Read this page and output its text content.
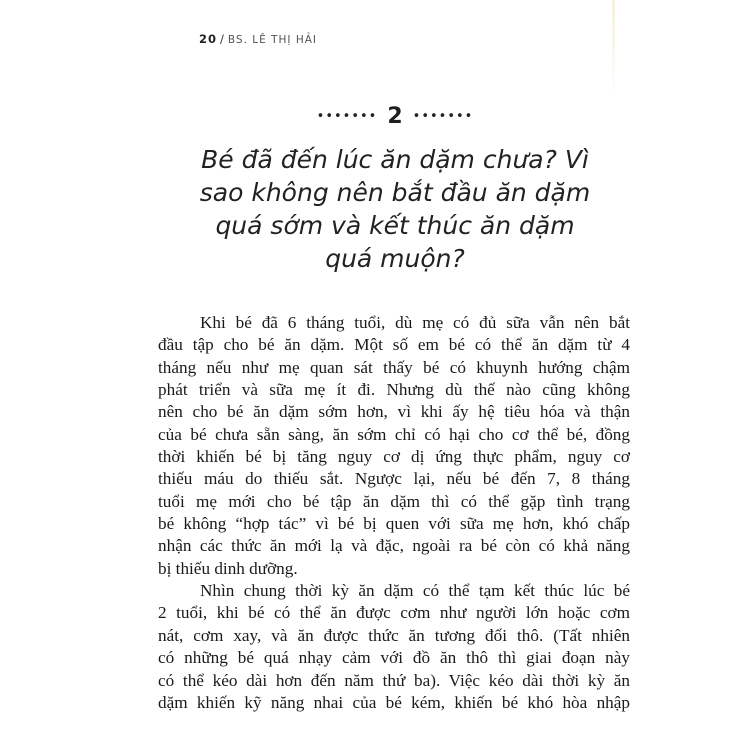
20 / BS. LÊ THỊ HẢI
••••••• 2 •••••••
Bé đã đến lúc ăn dặm chưa? Vì
sao không nên bắt đầu ăn dặm
quá sớm và kết thúc ăn dặm
quá muộn?
Khi bé đã 6 tháng tuổi, dù mẹ có đủ sữa vẫn nên bắt
đầu tập cho bé ăn dặm. Một số em bé có thể ăn dặm từ 4
tháng nếu như mẹ quan sát thấy bé có khuynh hướng chậm
phát triển và sữa mẹ ít đi. Nhưng dù thế nào cũng không
nên cho bé ăn dặm sớm hơn, vì khi ấy hệ tiêu hóa và thận
của bé chưa sẵn sàng, ăn sớm chỉ có hại cho cơ thể bé, đồng
thời khiến bé bị tăng nguy cơ dị ứng thực phẩm, nguy cơ
thiếu máu do thiếu sắt. Ngược lại, nếu bé đến 7, 8 tháng
tuổi mẹ mới cho bé tập ăn dặm thì có thể gặp tình trạng
bé không “hợp tác” vì bé bị quen với sữa mẹ hơn, khó chấp
nhận các thức ăn mới lạ và đặc, ngoài ra bé còn có khả năng
bị thiếu dinh dưỡng.
Nhìn chung thời kỳ ăn dặm có thể tạm kết thúc lúc bé
2 tuổi, khi bé có thể ăn được cơm như người lớn hoặc cơm
nát, cơm xay, và ăn được thức ăn tương đối thô. (Tất nhiên
có những bé quá nhạy cảm với đồ ăn thô thì giai đoạn này
có thể kéo dài hơn đến năm thứ ba). Việc kéo dài thời kỳ ăn
dặm khiến kỹ năng nhai của bé kém, khiến bé khó hòa nhập
